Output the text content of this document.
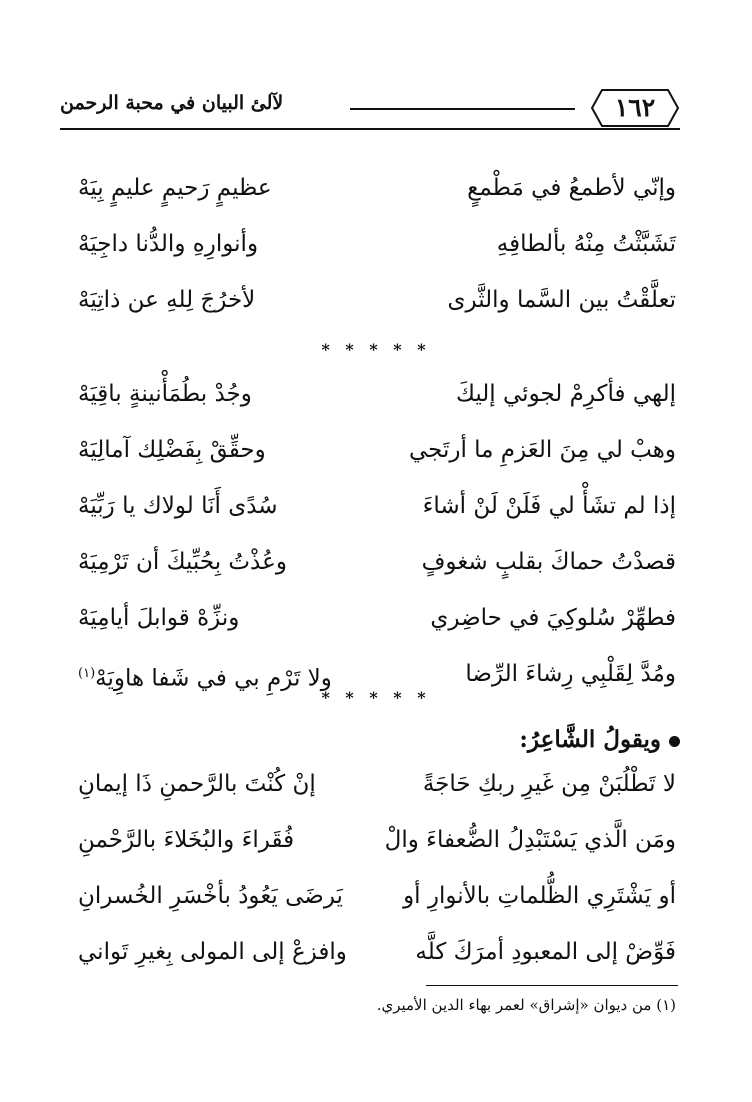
١٦٢
لآلئ البيان في محبة الرحمن
وإنّي لأطمعُ في مَطْمعٍ
عظيمٍ رَحيمٍ عليمٍ بِيَهْ
تَشَبَّثْتُ مِنْهُ بألطافِهِ
وأنوارِهِ والدُّنا داجِيَهْ
تعلَّقْتُ بين السَّما والثَّرى
لأخرُجَ لِلهِ عن ذاتِيَهْ
* * * * *
إلهي فأكرِمْ لجوئي إليكَ
وجُدْ بطُمَأْنينةٍ باقِيَهْ
وهبْ لي مِنَ العَزمِ ما أرتَجي
وحقِّقْ بِفَضْلِك آمالِيَهْ
إذا لم تشَأْ لي فَلَنْ لَنْ أشاءَ
سُدًى أَنَا لولاك يا رَبِّيَهْ
قصدْتُ حماكَ بقلبٍ شغوفٍ
وعُذْتُ بِحُبِّيكَ أن تَرْمِيَهْ
فطهِّرْ سُلوكِيَ في حاضِري
ونزِّهْ قوابلَ أيامِيَهْ
ومُدَّ لِقَلْبِي رِشاءَ الرِّضا
ولا تَرْمِ بي في شَفا هاوِيَهْ$^{(١)}$
* * * * *
ويقولُ الشَّاعِرُ:
لا تَطْلُبَنْ مِن غَيرِ ربكِ حَاجَةً
إنْ كُنْتَ بالرَّحمنِ ذَا إيمانِ
ومَن الَّذي يَسْتَبْدِلُ الضُّعفاءَ والْ
فُقَراءَ والبُخَلاءَ بالرَّحْمنِ
أو يَشْتَرِي الظُّلماتِ بالأنوارِ أو
يَرضَى يَعُودُ بأخْسَرِ الخُسرانِ
فَوِّضْ إلى المعبودِ أمرَكَ كلَّه
وافزعْ إلى المولى بِغيرِ تَواني
(١) من ديوان «إشراق» لعمر بهاء الدين الأميري.
